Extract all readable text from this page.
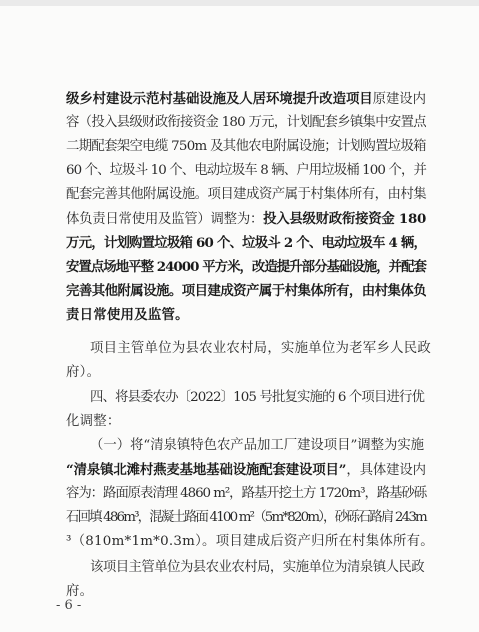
级乡村建设示范村基础设施及人居环境提升改造项目原建设内
容（投入县级财政衔接资金 180 万元，计划配套乡镇集中安置点
二期配套架空电缆 750m 及其他农电附属设施；计划购置垃圾箱
60 个、垃圾斗 10 个、电动垃圾车 8 辆、户用垃圾桶 100 个，并
配套完善其他附属设施。项目建成资产属于村集体所有，由村集
体负责日常使用及监管）调整为：投入县级财政衔接资金 180
万元，计划购置垃圾箱 60 个、垃圾斗 2 个、电动垃圾车 4 辆，
安置点场地平整 24000 平方米，改造提升部分基础设施，并配套
完善其他附属设施。项目建成资产属于村集体所有，由村集体负
责日常使用及监管。
项目主管单位为县农业农村局，实施单位为老军乡人民政
府）。
四、将县委农办〔2022〕105 号批复实施的 6 个项目进行优
化调整：
（一）将“清泉镇特色农产品加工厂建设项目”调整为实施
“清泉镇北滩村燕麦基地基础设施配套建设项目”，具体建设内
容为：路面原表清理 4860 m²，路基开挖土方 1720m³，路基砂砾
石回填 486m³，混凝土路面 4100 m²（5m*820m），砂砾石路肩 243m
³（810m*1m*0.3m）。项目建成后资产归所在村集体所有。
该项目主管单位为县农业农村局，实施单位为清泉镇人民政
府。
- 6 -
